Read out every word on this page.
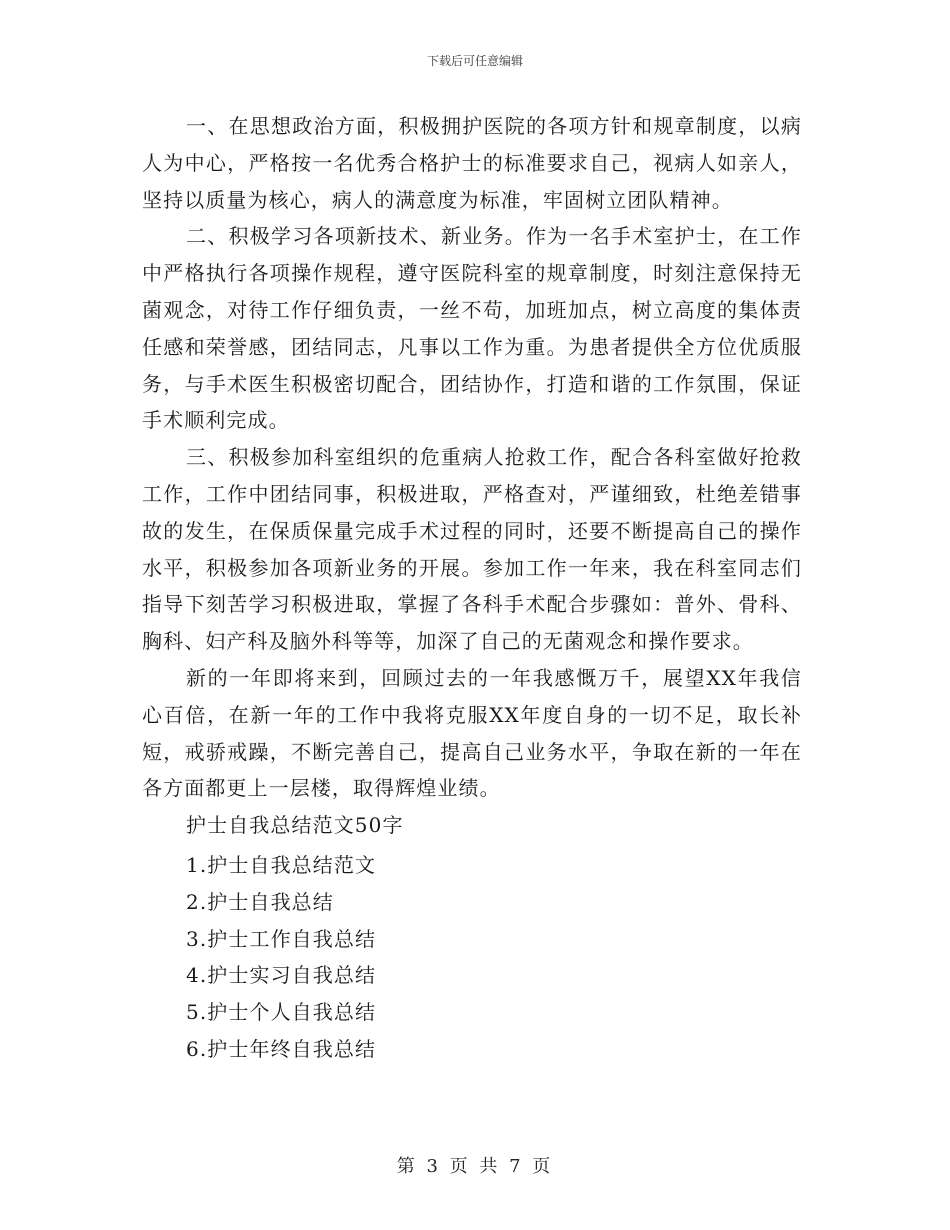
下载后可任意编辑

一、在思想政治方面，积极拥护医院的各项方针和规章制度，以病人为中心，严格按一名优秀合格护士的标准要求自己，视病人如亲人，坚持以质量为核心，病人的满意度为标准，牢固树立团队精神。

二、积极学习各项新技术、新业务。作为一名手术室护士，在工作中严格执行各项操作规程，遵守医院科室的规章制度，时刻注意保持无菌观念，对待工作仔细负责，一丝不苟，加班加点，树立高度的集体责任感和荣誉感，团结同志，凡事以工作为重。为患者提供全方位优质服务，与手术医生积极密切配合，团结协作，打造和谐的工作氛围，保证手术顺利完成。

三、积极参加科室组织的危重病人抢救工作，配合各科室做好抢救工作，工作中团结同事，积极进取，严格查对，严谨细致，杜绝差错事故的发生，在保质保量完成手术过程的同时，还要不断提高自己的操作水平，积极参加各项新业务的开展。参加工作一年来，我在科室同志们指导下刻苦学习积极进取，掌握了各科手术配合步骤如：普外、骨科、胸科、妇产科及脑外科等等，加深了自己的无菌观念和操作要求。

新的一年即将来到，回顾过去的一年我感慨万千，展望XX年我信心百倍，在新一年的工作中我将克服XX年度自身的一切不足，取长补短，戒骄戒躁，不断完善自己，提高自己业务水平，争取在新的一年在各方面都更上一层楼，取得辉煌业绩。

护士自我总结范文50字
1.护士自我总结范文
2.护士自我总结
3.护士工作自我总结
4.护士实习自我总结
5.护士个人自我总结
6.护士年终自我总结
第 3 页 共 7 页
